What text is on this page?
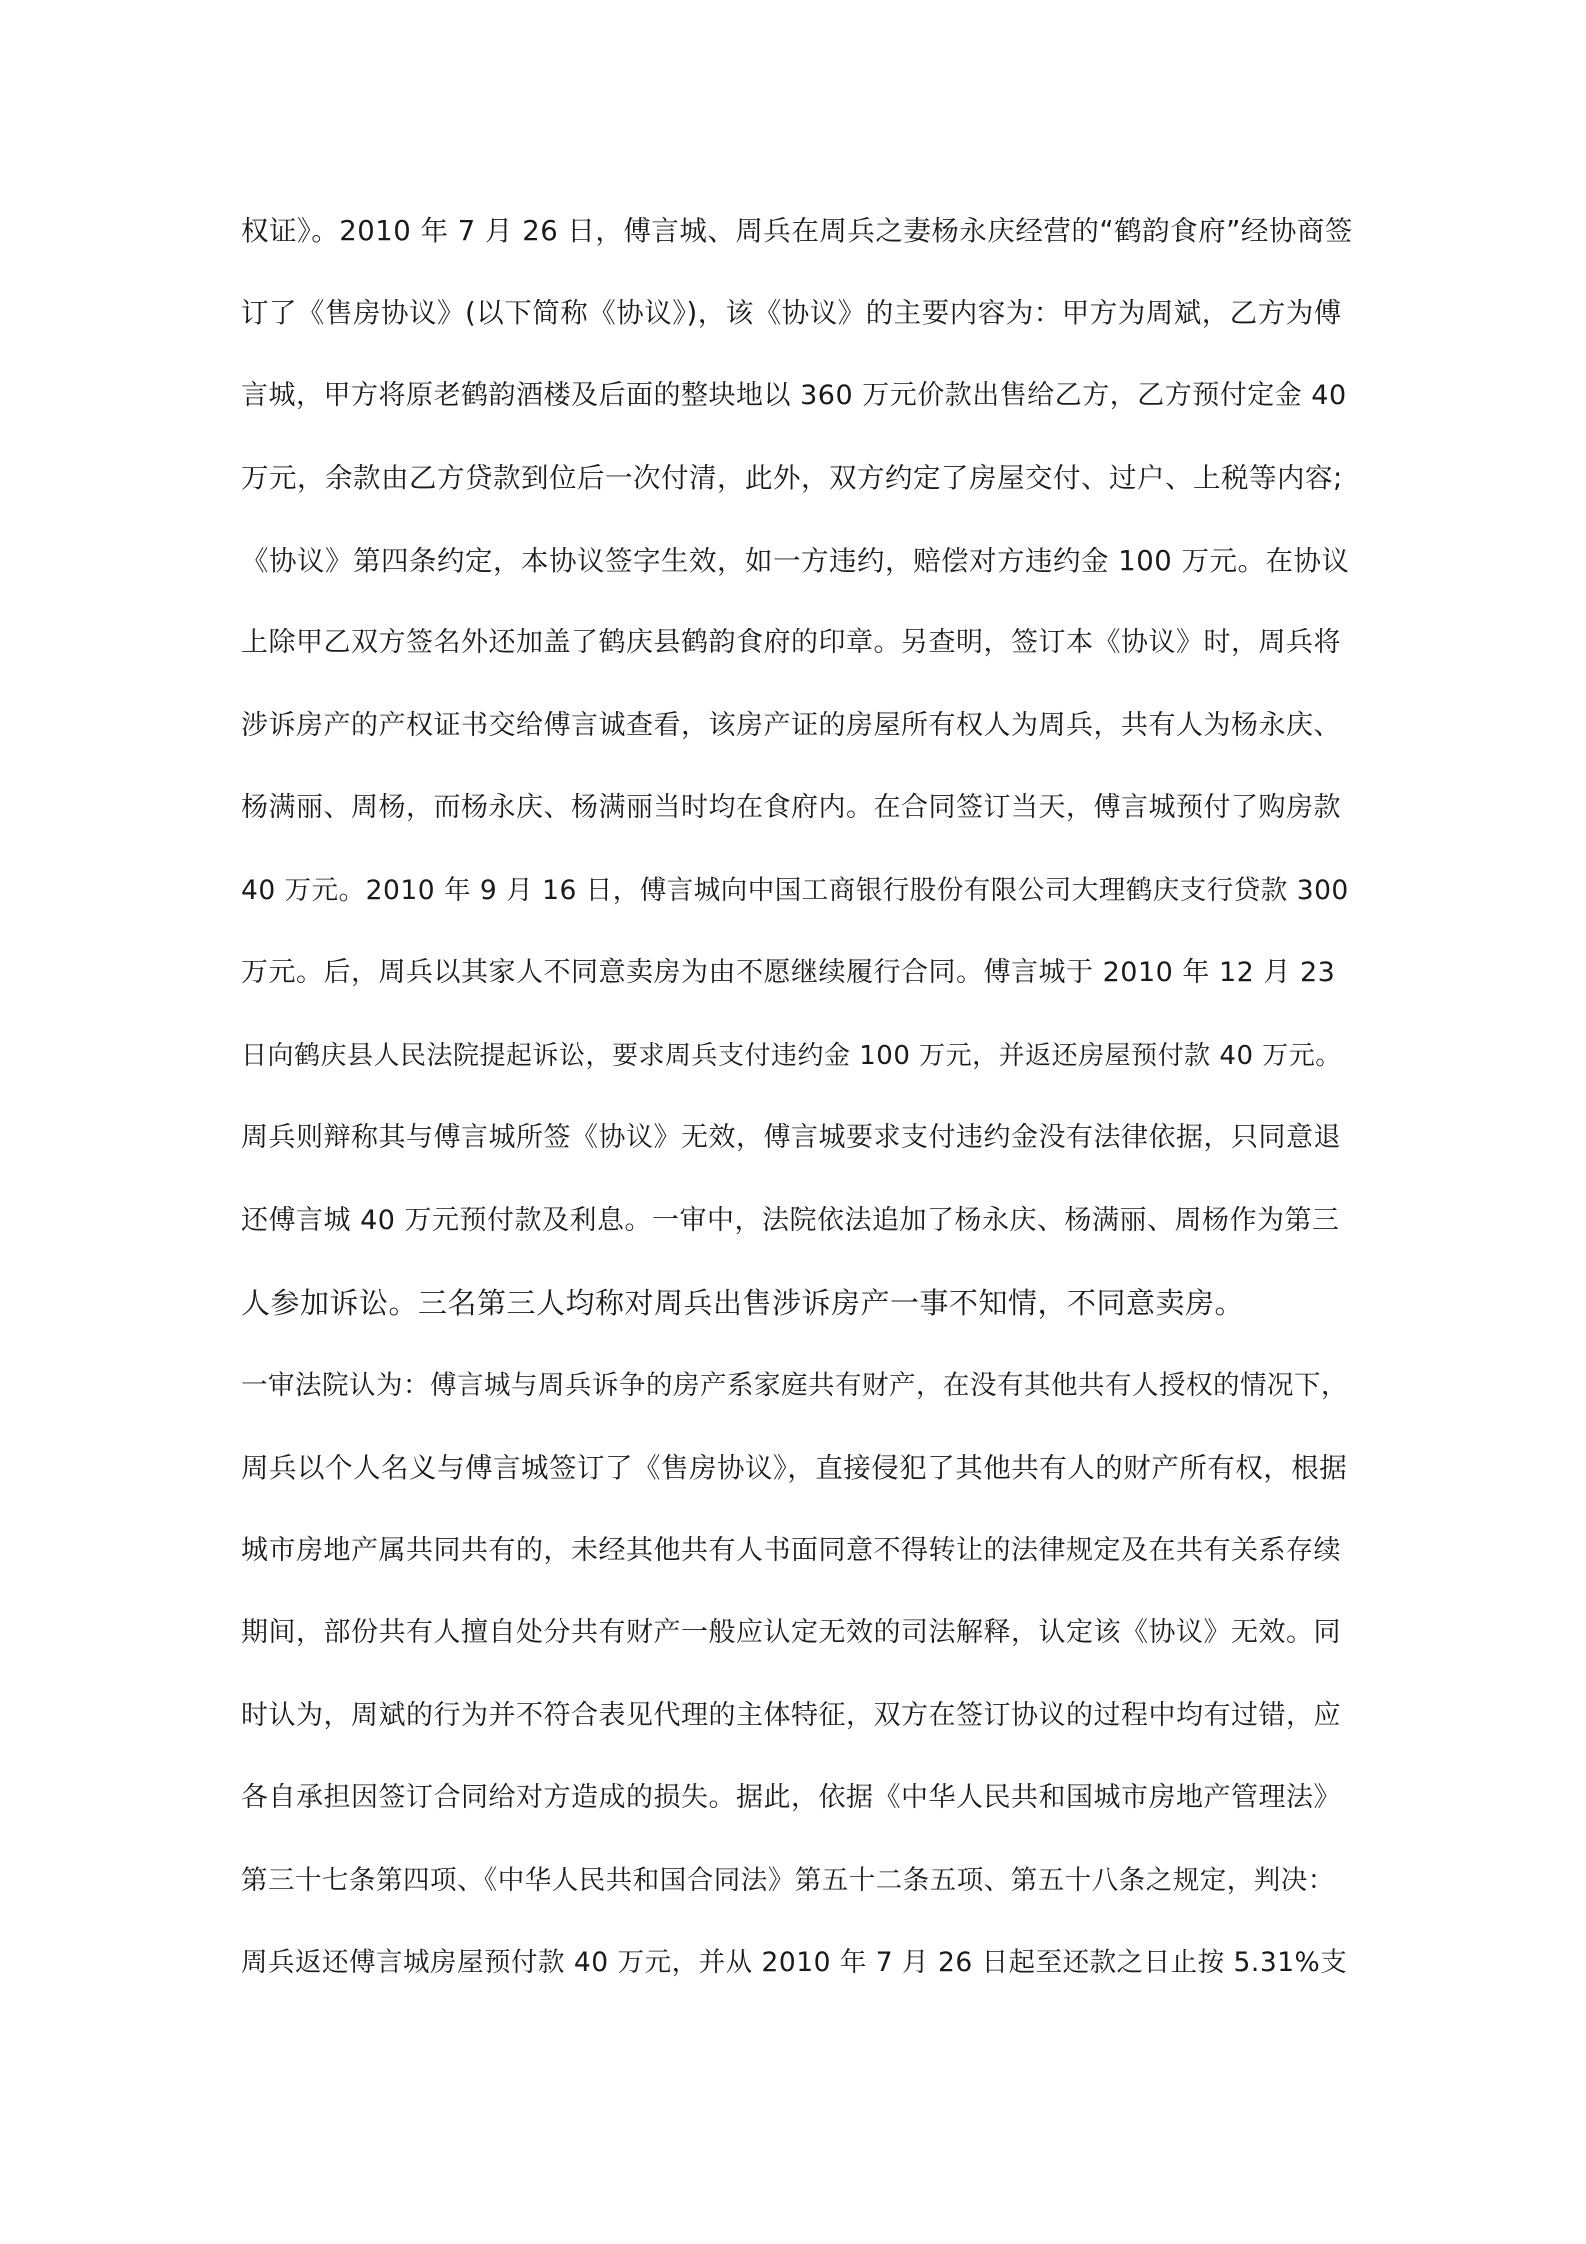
权证》。2010 年 7 月 26 日，傅言城、周兵在周兵之妻杨永庆经营的“鹤韵食府”经协商签
订了《售房协议》(以下简称《协议》)，该《协议》的主要内容为：甲方为周斌，乙方为傅
言城，甲方将原老鹤韵酒楼及后面的整块地以 360 万元价款出售给乙方，乙方预付定金 40
万元，余款由乙方贷款到位后一次付清，此外，双方约定了房屋交付、过户、上税等内容;
《协议》第四条约定，本协议签字生效，如一方违约，赔偿对方违约金 100 万元。在协议
上除甲乙双方签名外还加盖了鹤庆县鹤韵食府的印章。另查明，签订本《协议》时，周兵将
涉诉房产的产权证书交给傅言诚查看，该房产证的房屋所有权人为周兵，共有人为杨永庆、
杨满丽、周杨，而杨永庆、杨满丽当时均在食府内。在合同签订当天，傅言城预付了购房款
40 万元。2010 年 9 月 16 日，傅言城向中国工商银行股份有限公司大理鹤庆支行贷款 300
万元。后，周兵以其家人不同意卖房为由不愿继续履行合同。傅言城于 2010 年 12 月 23
日向鹤庆县人民法院提起诉讼，要求周兵支付违约金 100 万元，并返还房屋预付款 40 万元。
周兵则辩称其与傅言城所签《协议》无效，傅言城要求支付违约金没有法律依据，只同意退
还傅言城 40 万元预付款及利息。一审中，法院依法追加了杨永庆、杨满丽、周杨作为第三
人参加诉讼。三名第三人均称对周兵出售涉诉房产一事不知情，不同意卖房。
一审法院认为：傅言城与周兵诉争的房产系家庭共有财产，在没有其他共有人授权的情况下，
周兵以个人名义与傅言城签订了《售房协议》，直接侵犯了其他共有人的财产所有权，根据
城市房地产属共同共有的，未经其他共有人书面同意不得转让的法律规定及在共有关系存续
期间，部份共有人擅自处分共有财产一般应认定无效的司法解释，认定该《协议》无效。同
时认为，周斌的行为并不符合表见代理的主体特征，双方在签订协议的过程中均有过错，应
各自承担因签订合同给对方造成的损失。据此，依据《中华人民共和国城市房地产管理法》
第三十七条第四项、《中华人民共和国合同法》第五十二条五项、第五十八条之规定，判决：
周兵返还傅言城房屋预付款 40 万元，并从 2010 年 7 月 26 日起至还款之日止按 5.31%支
